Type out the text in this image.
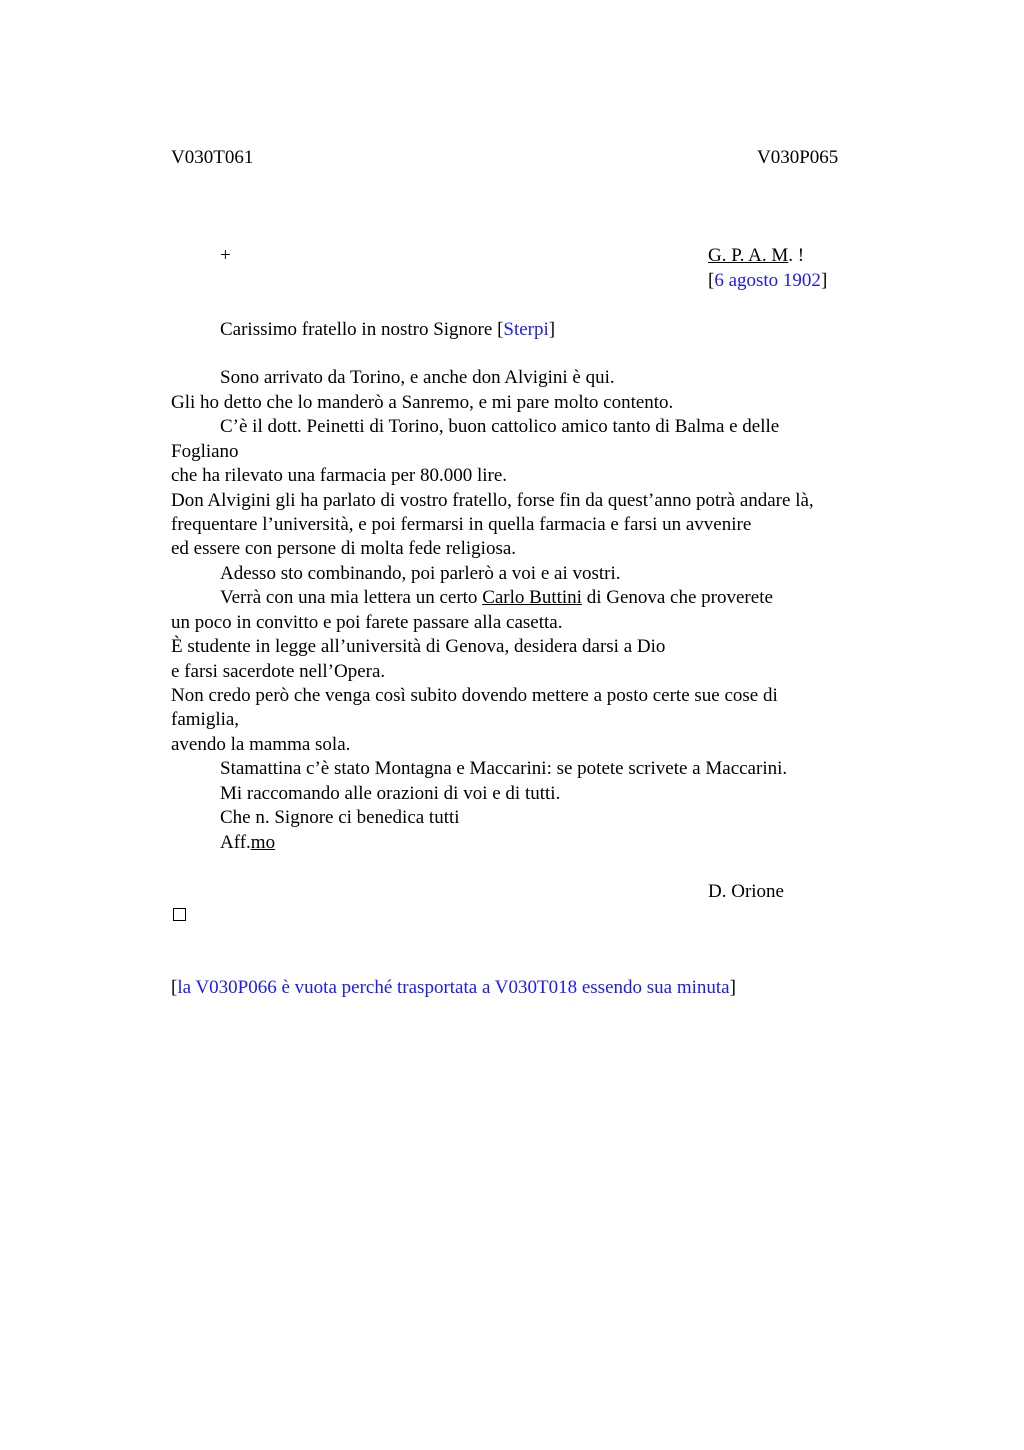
V030T061	V030P065
+	G. P. A. M. !
[6 agosto 1902]
Carissimo fratello in nostro Signore [Sterpi]
Sono arrivato da Torino, e anche don Alvigini è qui.
Gli ho detto che lo manderò a Sanremo, e mi pare molto contento.
C’è il dott. Peinetti di Torino, buon cattolico amico tanto di Balma e delle
Fogliano
che ha rilevato una farmacia per 80.000 lire.
Don Alvigini gli ha parlato di vostro fratello, forse fin da quest’anno potrà andare là,
frequentare l’università, e poi fermarsi in quella farmacia e farsi un avvenire
ed essere con persone di molta fede religiosa.
Adesso sto combinando, poi parlerò a voi e ai vostri.
Verrà con una mia lettera un certo Carlo Buttini di Genova che proverete
un poco in convitto e poi farete passare alla casetta.
È studente in legge all’università di Genova, desidera darsi a Dio
e farsi sacerdote nell’Opera.
Non credo però che venga così subito dovendo mettere a posto certe sue cose di
famiglia,
avendo la mamma sola.
Stamattina c’è stato Montagna e Maccarini: se potete scrivete a Maccarini.
Mi raccomando alle orazioni di voi e di tutti.
Che n. Signore ci benedica tutti
Aff.mo
D. Orione
[la V030P066 è vuota perché trasportata a V030T018 essendo sua minuta]
